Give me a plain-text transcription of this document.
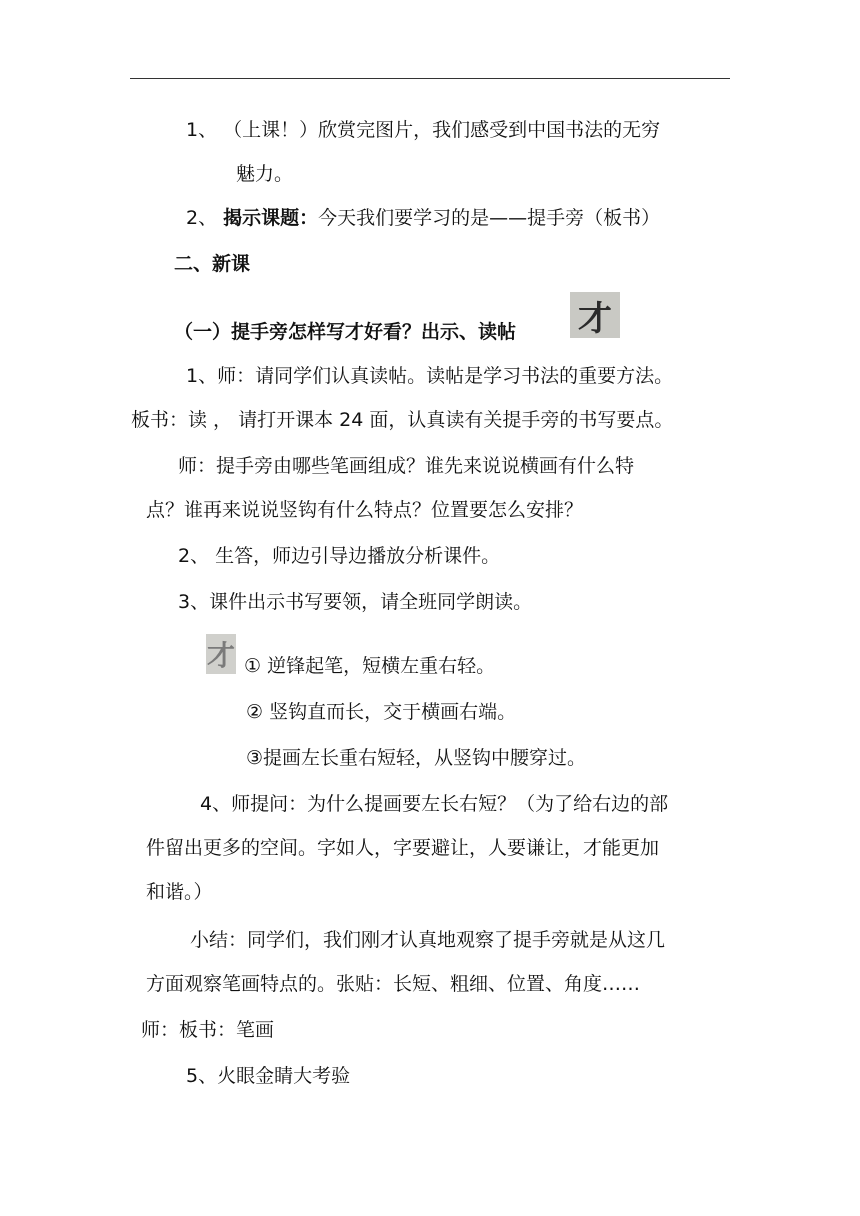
1、 （上课！）欣赏完图片，我们感受到中国书法的无穷
魅力。
2、 揭示课题：今天我们要学习的是——提手旁（板书）
二、新课
（一）提手旁怎样写才好看？出示、读帖 才
1、师：请同学们认真读帖。读帖是学习书法的重要方法。
板书：读 ， 请打开课本 24 面，认真读有关提手旁的书写要点。
师：提手旁由哪些笔画组成？谁先来说说横画有什么特
点？谁再来说说竖钩有什么特点？位置要怎么安排？
2、 生答，师边引导边播放分析课件。
3、课件出示书写要领，请全班同学朗读。
才 ① 逆锋起笔，短横左重右轻。
② 竖钩直而长，交于横画右端。
③提画左长重右短轻，从竖钩中腰穿过。
4、师提问：为什么提画要左长右短？（为了给右边的部
件留出更多的空间。字如人，字要避让，人要谦让，才能更加
和谐。）
小结：同学们，我们刚才认真地观察了提手旁就是从这几
方面观察笔画特点的。张贴：长短、粗细、位置、角度……
师：板书：笔画
5、火眼金睛大考验
